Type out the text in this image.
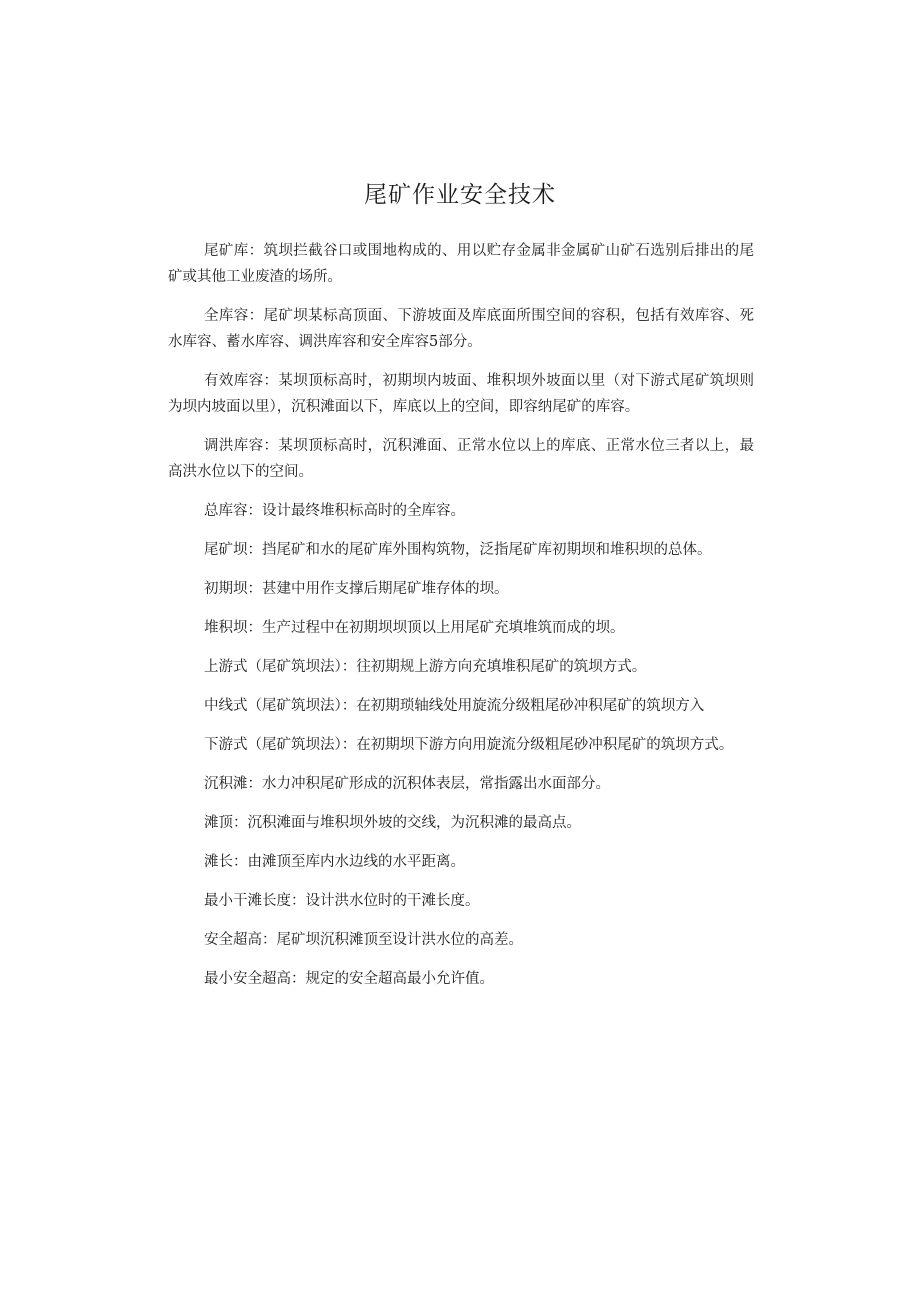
尾矿作业安全技术

尾矿库：筑坝拦截谷口或围地构成的、用以贮存金属非金属矿山矿石选别后排出的尾矿或其他工业废渣的场所。

全库容：尾矿坝某标高顶面、下游坡面及库底面所围空间的容积，包括有效库容、死水库容、蓄水库容、调洪库容和安全库容5部分。

有效库容：某坝顶标高时，初期坝内坡面、堆积坝外坡面以里（对下游式尾矿筑坝则为坝内坡面以里），沉积滩面以下，库底以上的空间，即容纳尾矿的库容。

调洪库容：某坝顶标高时，沉积滩面、正常水位以上的库底、正常水位三者以上，最高洪水位以下的空间。

总库容：设计最终堆积标高时的全库容。

尾矿坝：挡尾矿和水的尾矿库外围构筑物，泛指尾矿库初期坝和堆积坝的总体。

初期坝：甚建中用作支撑后期尾矿堆存体的坝。

堆积坝：生产过程中在初期坝坝顶以上用尾矿充填堆筑而成的坝。

上游式（尾矿筑坝法）：往初期规上游方向充填堆积尾矿的筑坝方式。

中线式（尾矿筑坝法）：在初期琐轴线处用旋流分级粗尾砂冲积尾矿的筑坝方入

下游式（尾矿筑坝法）：在初期坝下游方向用旋流分级粗尾砂冲积尾矿的筑坝方式。

沉积滩：水力冲积尾矿形成的沉积体表层，常指露出水面部分。

滩顶：沉积滩面与堆积坝外坡的交线，为沉积滩的最高点。

滩长：由滩顶至库内水边线的水平距离。

最小干滩长度：设计洪水位时的干滩长度。

安全超高：尾矿坝沉积滩顶至设计洪水位的高差。

最小安全超高：规定的安全超高最小允许值。
